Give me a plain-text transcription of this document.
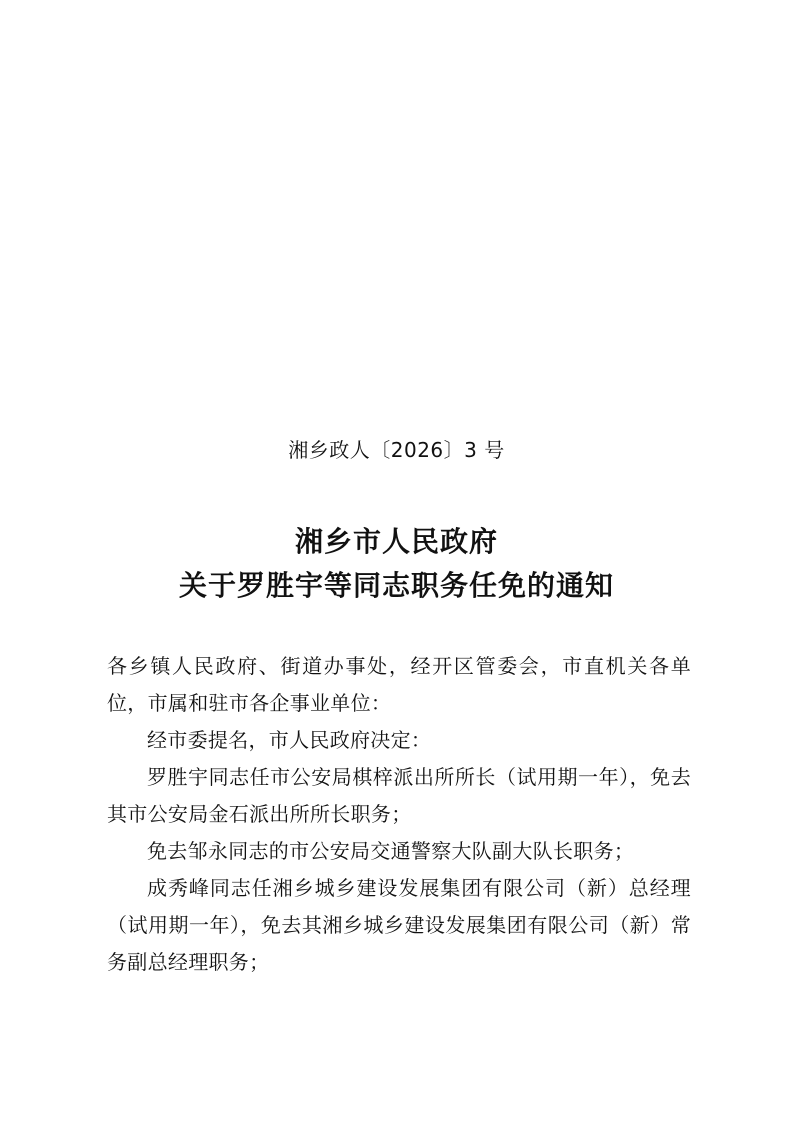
湘乡政人〔2026〕3 号
湘乡市人民政府
关于罗胜宇等同志职务任免的通知

各乡镇人民政府、街道办事处，经开区管委会，市直机关各单位，市属和驻市各企事业单位：

经市委提名，市人民政府决定：

罗胜宇同志任市公安局棋梓派出所所长（试用期一年），免去其市公安局金石派出所所长职务；

免去邹永同志的市公安局交通警察大队副大队长职务；

成秀峰同志任湘乡城乡建设发展集团有限公司（新）总经理（试用期一年），免去其湘乡城乡建设发展集团有限公司（新）常务副总经理职务；
